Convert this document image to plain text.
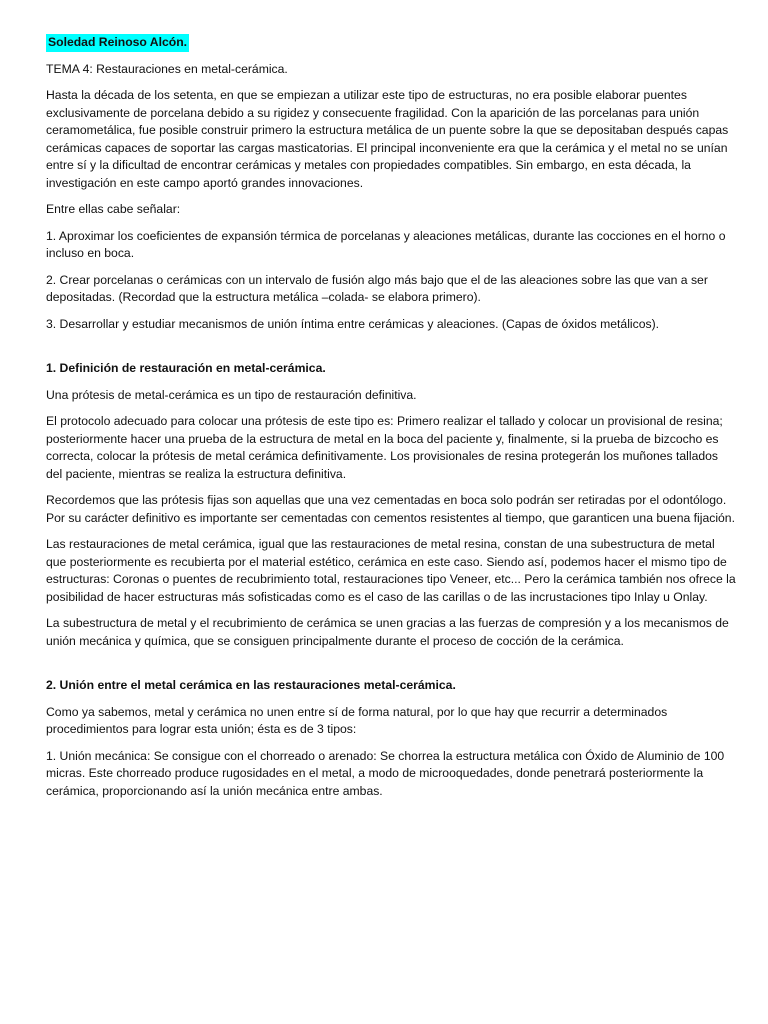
Soledad Reinoso Alcón.

TEMA 4: Restauraciones en metal-cerámica.

Hasta la década de los setenta, en que se empiezan a utilizar este tipo de estructuras, no era posible elaborar puentes exclusivamente de porcelana debido a su rigidez y consecuente fragilidad. Con la aparición de las porcelanas para unión ceramometálica, fue posible construir primero la estructura metálica de un puente sobre la que se depositaban después capas cerámicas capaces de soportar las cargas masticatorias. El principal inconveniente era que la cerámica y el metal no se unían entre sí y la dificultad de encontrar cerámicas y metales con propiedades compatibles. Sin embargo, en esta década, la investigación en este campo aportó grandes innovaciones.

Entre ellas cabe señalar:

1. Aproximar los coeficientes de expansión térmica de porcelanas y aleaciones metálicas, durante las cocciones en el horno o incluso en boca.

2. Crear porcelanas o cerámicas con un intervalo de fusión algo más bajo que el de las aleaciones sobre las que van a ser depositadas. (Recordad que la estructura metálica –colada- se elabora primero).

3. Desarrollar y estudiar mecanismos de unión íntima entre cerámicas y aleaciones. (Capas de óxidos metálicos).

1. Definición de restauración en metal-cerámica.

Una prótesis de metal-cerámica es un tipo de restauración definitiva.

El protocolo adecuado para colocar una prótesis de este tipo es: Primero realizar el tallado y colocar un provisional de resina; posteriormente hacer una prueba de la estructura de metal en la boca del paciente y, finalmente, si la prueba de bizcocho es correcta, colocar la prótesis de metal cerámica definitivamente. Los provisionales de resina protegerán los muñones tallados del paciente, mientras se realiza la estructura definitiva.

Recordemos que las prótesis fijas son aquellas que una vez cementadas en boca solo podrán ser retiradas por el odontólogo. Por su carácter definitivo es importante ser cementadas con cementos resistentes al tiempo, que garanticen una buena fijación.

Las restauraciones de metal cerámica, igual que las restauraciones de metal resina, constan de una subestructura de metal que posteriormente es recubierta por el material estético, cerámica en este caso. Siendo así, podemos hacer el mismo tipo de estructuras: Coronas o puentes de recubrimiento total, restauraciones tipo Veneer, etc... Pero la cerámica también nos ofrece la posibilidad de hacer estructuras más sofisticadas como es el caso de las carillas o de las incrustaciones tipo Inlay u Onlay.

La subestructura de metal y el recubrimiento de cerámica se unen gracias a las fuerzas de compresión y a los mecanismos de unión mecánica y química, que se consiguen principalmente durante el proceso de cocción de la cerámica.

2. Unión entre el metal cerámica en las restauraciones metal-cerámica.

Como ya sabemos, metal y cerámica no unen entre sí de forma natural, por lo que hay que recurrir a determinados procedimientos para lograr esta unión; ésta es de 3 tipos:

1. Unión mecánica: Se consigue con el chorreado o arenado: Se chorrea la estructura metálica con Óxido de Aluminio de 100 micras. Este chorreado produce rugosidades en el metal, a modo de microoquedades, donde penetrará posteriormente la cerámica, proporcionando así la unión mecánica entre ambas.
